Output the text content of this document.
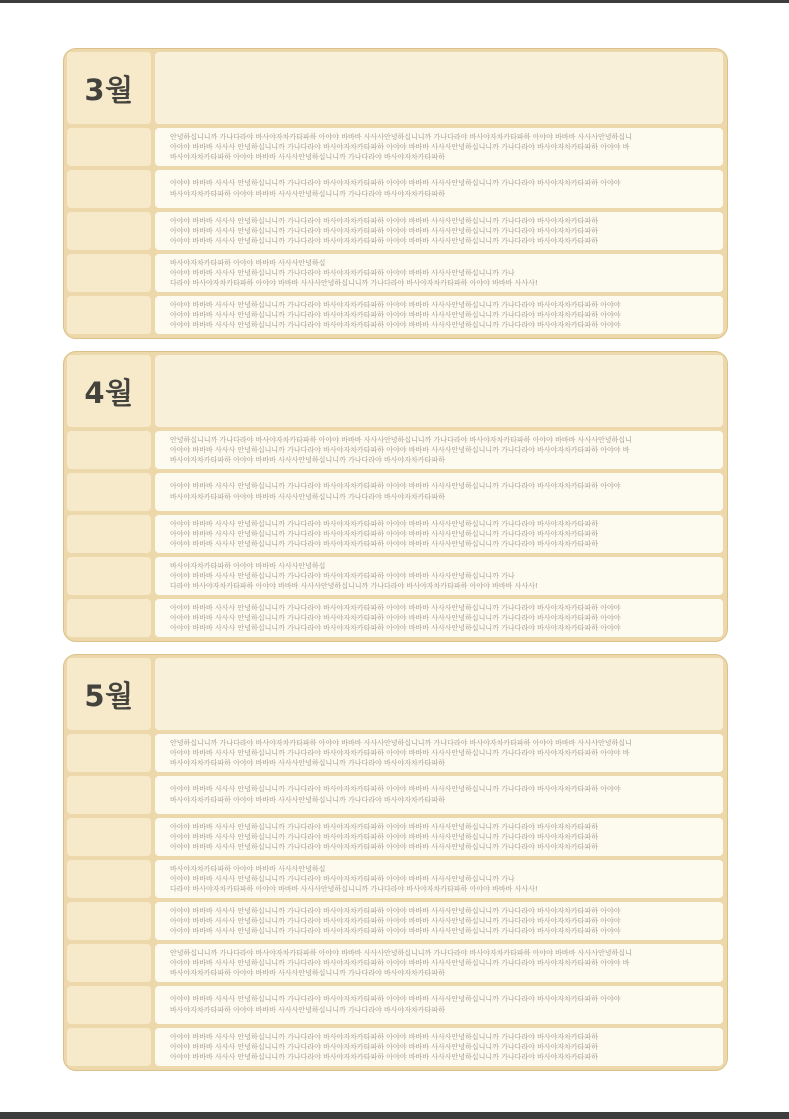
3월
안녕하십니니까 가나다라야 바사야자차카타파하 아야야 바바바 사사사안녕하십니니까 가나다라야 바사야자차카타파하 아야야 바바바 사사사안녕하십니
아야야 바바바 사사사 안녕하십니니까 가나다라야 바사야자차카타파하 아야야 바바바 사사사안녕하십니니까 가나다라야 바사야자차카타파하 아야야 바
바사야자차카타파하 아야야 바바바 사사사안녕하십니니까 가나다라야 바사야자차카타파하
아야야 바바바 사사사 안녕하십니니까 가나다라야 바사야자차카타파하 아야야 바바바 사사사안녕하십니니까 가나다라야 바사야자차카타파하 아야야
바사야자차카타파하 아야야 바바바 사사사안녕하십니니까 가나다라야 바사야자차카타파하
아야야 바바바 사사사 안녕하십니니까 가나다라야 바사야자차카타파하 아야야 바바바 사사사안녕하십니니까 가나다라야 바사야자차카타파하
아야야 바바바 사사사 안녕하십니니까 가나다라야 바사야자차카타파하 아야야 바바바 사사사안녕하십니니까 가나다라야 바사야자차카타파하
아야야 바바바 사사사 안녕하십니니까 가나다라야 바사야자차카타파하 아야야 바바바 사사사안녕하십니니까 가나다라야 바사야자차카타파하
바사야자차카타파하 아야야 바바바 사사사안녕하십
아야야 바바바 사사사 안녕하십니니까 가나다라야 바사야자차카타파하 아야야 바바바 사사사안녕하십니니까 가나
다라야 바사야자차카타파하 아야야 바바바 사사사안녕하십니니까 가나다라야 바사야자차카타파하 아야야 바바바 사사사!
아야야 바바바 사사사 안녕하십니니까 가나다라야 바사야자차카타파하 아야야 바바바 사사사안녕하십니니까 가나다라야 바사야자차카타파하 아야야
아야야 바바바 사사사 안녕하십니니까 가나다라야 바사야자차카타파하 아야야 바바바 사사사안녕하십니니까 가나다라야 바사야자차카타파하 아야야
아야야 바바바 사사사 안녕하십니니까 가나다라야 바사야자차카타파하 아야야 바바바 사사사안녕하십니니까 가나다라야 바사야자차카타파하 아야야
4월
안녕하십니니까 가나다라야 바사야자차카타파하 아야야 바바바 사사사안녕하십니니까 가나다라야 바사야자차카타파하 아야야 바바바 사사사안녕하십니
아야야 바바바 사사사 안녕하십니니까 가나다라야 바사야자차카타파하 아야야 바바바 사사사안녕하십니니까 가나다라야 바사야자차카타파하 아야야 바
바사야자차카타파하 아야야 바바바 사사사안녕하십니니까 가나다라야 바사야자차카타파하
아야야 바바바 사사사 안녕하십니니까 가나다라야 바사야자차카타파하 아야야 바바바 사사사안녕하십니니까 가나다라야 바사야자차카타파하 아야야
바사야자차카타파하 아야야 바바바 사사사안녕하십니니까 가나다라야 바사야자차카타파하
아야야 바바바 사사사 안녕하십니니까 가나다라야 바사야자차카타파하 아야야 바바바 사사사안녕하십니니까 가나다라야 바사야자차카타파하
아야야 바바바 사사사 안녕하십니니까 가나다라야 바사야자차카타파하 아야야 바바바 사사사안녕하십니니까 가나다라야 바사야자차카타파하
아야야 바바바 사사사 안녕하십니니까 가나다라야 바사야자차카타파하 아야야 바바바 사사사안녕하십니니까 가나다라야 바사야자차카타파하
바사야자차카타파하 아야야 바바바 사사사안녕하십
아야야 바바바 사사사 안녕하십니니까 가나다라야 바사야자차카타파하 아야야 바바바 사사사안녕하십니니까 가나
다라야 바사야자차카타파하 아야야 바바바 사사사안녕하십니니까 가나다라야 바사야자차카타파하 아야야 바바바 사사사!
아야야 바바바 사사사 안녕하십니니까 가나다라야 바사야자차카타파하 아야야 바바바 사사사안녕하십니니까 가나다라야 바사야자차카타파하 아야야
아야야 바바바 사사사 안녕하십니니까 가나다라야 바사야자차카타파하 아야야 바바바 사사사안녕하십니니까 가나다라야 바사야자차카타파하 아야야
아야야 바바바 사사사 안녕하십니니까 가나다라야 바사야자차카타파하 아야야 바바바 사사사안녕하십니니까 가나다라야 바사야자차카타파하 아야야
5월
안녕하십니니까 가나다라야 바사야자차카타파하 아야야 바바바 사사사안녕하십니니까 가나다라야 바사야자차카타파하 아야야 바바바 사사사안녕하십니
아야야 바바바 사사사 안녕하십니니까 가나다라야 바사야자차카타파하 아야야 바바바 사사사안녕하십니니까 가나다라야 바사야자차카타파하 아야야 바
바사야자차카타파하 아야야 바바바 사사사안녕하십니니까 가나다라야 바사야자차카타파하
아야야 바바바 사사사 안녕하십니니까 가나다라야 바사야자차카타파하 아야야 바바바 사사사안녕하십니니까 가나다라야 바사야자차카타파하 아야야
바사야자차카타파하 아야야 바바바 사사사안녕하십니니까 가나다라야 바사야자차카타파하
아야야 바바바 사사사 안녕하십니니까 가나다라야 바사야자차카타파하 아야야 바바바 사사사안녕하십니니까 가나다라야 바사야자차카타파하
아야야 바바바 사사사 안녕하십니니까 가나다라야 바사야자차카타파하 아야야 바바바 사사사안녕하십니니까 가나다라야 바사야자차카타파하
아야야 바바바 사사사 안녕하십니니까 가나다라야 바사야자차카타파하 아야야 바바바 사사사안녕하십니니까 가나다라야 바사야자차카타파하
바사야자차카타파하 아야야 바바바 사사사안녕하십
아야야 바바바 사사사 안녕하십니니까 가나다라야 바사야자차카타파하 아야야 바바바 사사사안녕하십니니까 가나
다라야 바사야자차카타파하 아야야 바바바 사사사안녕하십니니까 가나다라야 바사야자차카타파하 아야야 바바바 사사사!
아야야 바바바 사사사 안녕하십니니까 가나다라야 바사야자차카타파하 아야야 바바바 사사사안녕하십니니까 가나다라야 바사야자차카타파하 아야야
아야야 바바바 사사사 안녕하십니니까 가나다라야 바사야자차카타파하 아야야 바바바 사사사안녕하십니니까 가나다라야 바사야자차카타파하 아야야
아야야 바바바 사사사 안녕하십니니까 가나다라야 바사야자차카타파하 아야야 바바바 사사사안녕하십니니까 가나다라야 바사야자차카타파하 아야야
안녕하십니니까 가나다라야 바사야자차카타파하 아야야 바바바 사사사안녕하십니니까 가나다라야 바사야자차카타파하 아야야 바바바 사사사안녕하십니
아야야 바바바 사사사 안녕하십니니까 가나다라야 바사야자차카타파하 아야야 바바바 사사사안녕하십니니까 가나다라야 바사야자차카타파하 아야야 바
바사야자차카타파하 아야야 바바바 사사사안녕하십니니까 가나다라야 바사야자차카타파하
아야야 바바바 사사사 안녕하십니니까 가나다라야 바사야자차카타파하 아야야 바바바 사사사안녕하십니니까 가나다라야 바사야자차카타파하 아야야
바사야자차카타파하 아야야 바바바 사사사안녕하십니니까 가나다라야 바사야자차카타파하
아야야 바바바 사사사 안녕하십니니까 가나다라야 바사야자차카타파하 아야야 바바바 사사사안녕하십니니까 가나다라야 바사야자차카타파하
아야야 바바바 사사사 안녕하십니니까 가나다라야 바사야자차카타파하 아야야 바바바 사사사안녕하십니니까 가나다라야 바사야자차카타파하
아야야 바바바 사사사 안녕하십니니까 가나다라야 바사야자차카타파하 아야야 바바바 사사사안녕하십니니까 가나다라야 바사야자차카타파하
